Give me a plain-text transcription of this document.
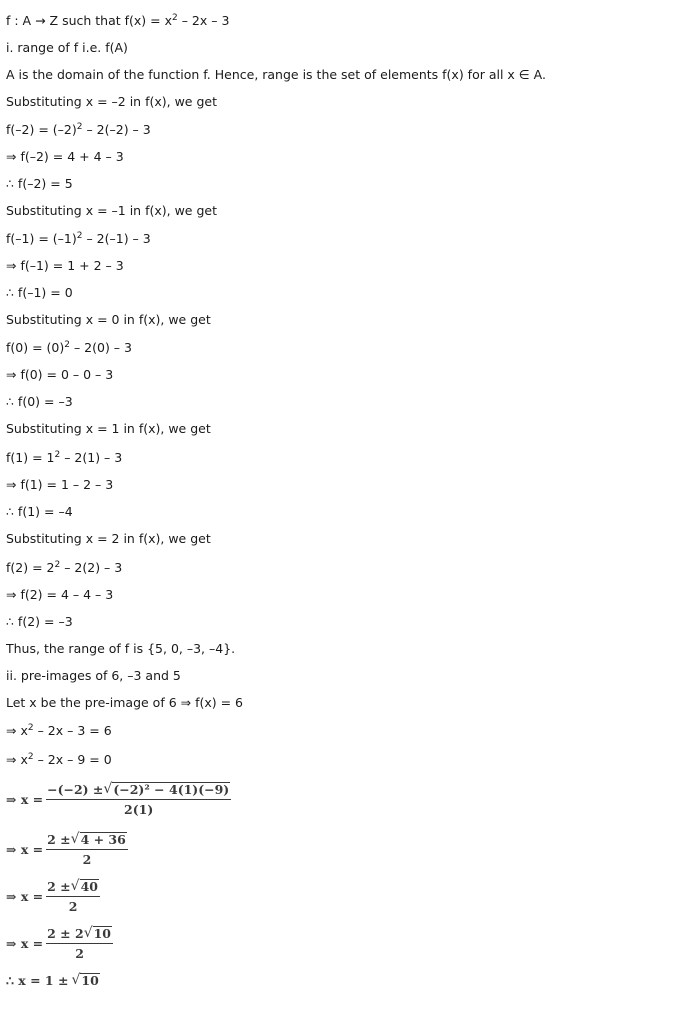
f : A → Z such that $f(x) = x^2 - 2x - 3$
i. range of f i.e. f(A)
A is the domain of the function f. Hence, range is the set of elements f(x) for all x ∈ A.
Substituting x = –2 in f(x), we get
$f(-2) = (-2)^2 - 2(-2) - 3$
⇒ f(–2) = 4 + 4 – 3
∴ f(–2) = 5
Substituting x = –1 in f(x), we get
$f(-1) = (-1)^2 - 2(-1) - 3$
⇒ f(–1) = 1 + 2 – 3
∴ f(–1) = 0
Substituting x = 0 in f(x), we get
$f(0) = (0)^2 - 2(0) - 3$
⇒ f(0) = 0 – 0 – 3
∴ f(0) = –3
Substituting x = 1 in f(x), we get
$f(1) = 1^2 - 2(1) - 3$
⇒ f(1) = 1 – 2 – 3
∴ f(1) = –4
Substituting x = 2 in f(x), we get
$f(2) = 2^2 - 2(2) - 3$
⇒ f(2) = 4 – 4 – 3
∴ f(2) = –3
Thus, the range of f is {5, 0, –3, –4}.
ii. pre-images of 6, –3 and 5
Let x be the pre-image of 6 ⇒ f(x) = 6
⇒ $x^2 - 2x - 3 = 6$
⇒ $x^2 - 2x - 9 = 0$
⇒ $x = \frac{\text{−(−2) ± √ (−2)² − 4(1)(−9)}}{2(1)}$
⇒ $x = \frac{2 \pm √ 4 + 36}{2}$
⇒ $x = \frac{2 \pm √ 40}{2}$
⇒ $x = \frac{2 \pm 2 √ 10}{2}$
∴ x = 1 ± √ 10
